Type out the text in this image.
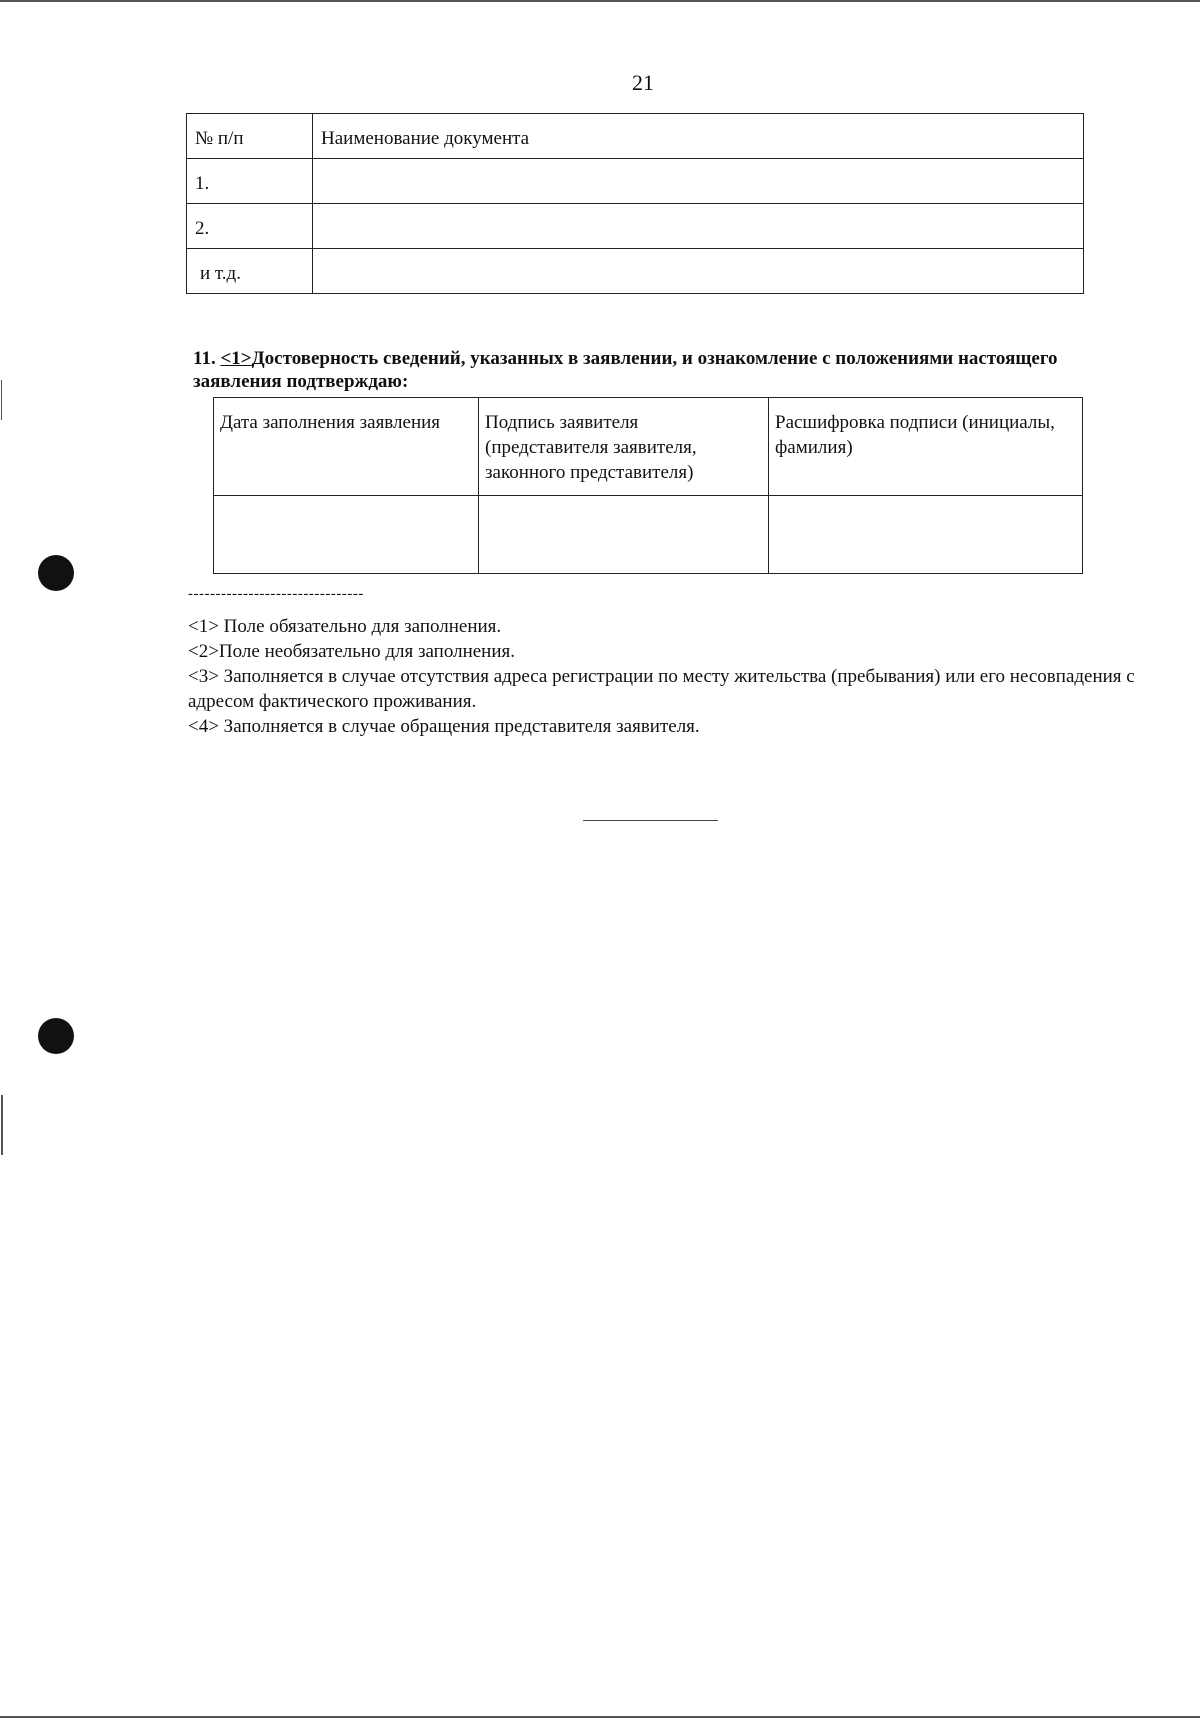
21
№ п/п	Наименование документа
1.	
2.	
и т.д.	
11. <1>Достоверность сведений, указанных в заявлении, и ознакомление с положениями настоящего заявления подтверждаю:
Дата заполнения заявления	Подпись заявителя (представителя заявителя, законного представителя)	Расшифровка подписи (инициалы, фамилия)

--------------------------------

<1> Поле обязательно для заполнения.

<2>Поле необязательно для заполнения.

<3> Заполняется в случае отсутствия адреса регистрации по месту жительства (пребывания) или его несовпадения с адресом фактического проживания.

<4> Заполняется в случае обращения представителя заявителя.
